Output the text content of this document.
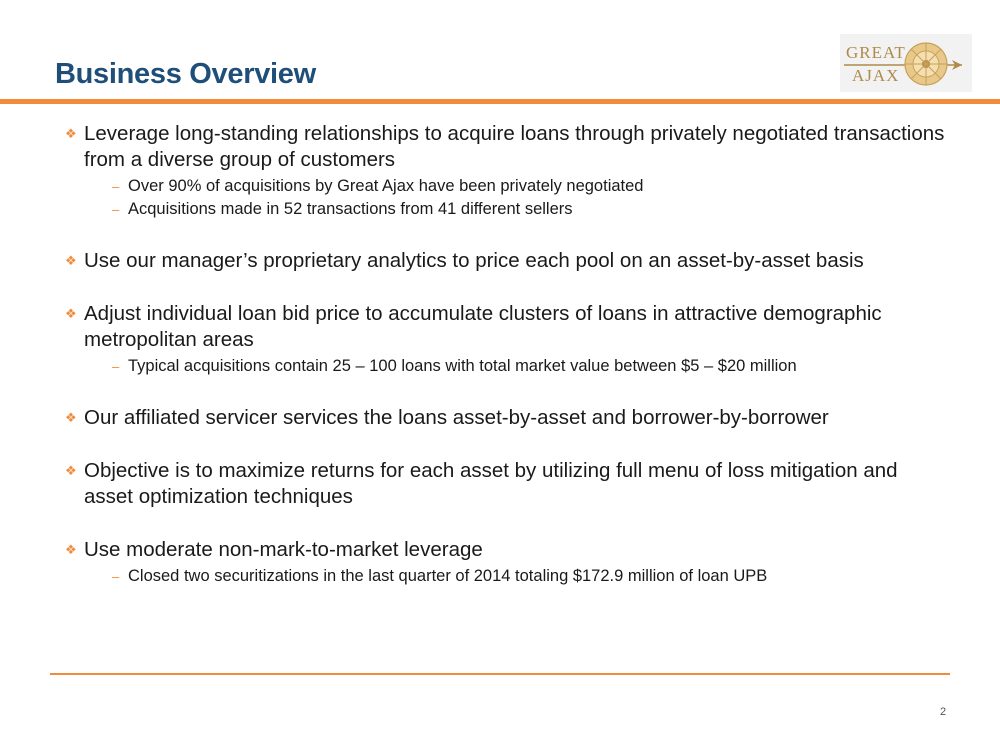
Business Overview
GREAT
AJAX
❖ Leverage long-standing relationships to acquire loans through privately negotiated transactions from a diverse group of customers
– Over 90% of acquisitions by Great Ajax have been privately negotiated
– Acquisitions made in 52 transactions from 41 different sellers
❖ Use our manager’s proprietary analytics to price each pool on an asset-by-asset basis
❖ Adjust individual loan bid price to accumulate clusters of loans in attractive demographic metropolitan areas
– Typical acquisitions contain 25 – 100 loans with total market value between $5 – $20 million
❖ Our affiliated servicer services the loans asset-by-asset and borrower-by-borrower
❖ Objective is to maximize returns for each asset by utilizing full menu of loss mitigation and asset optimization techniques
❖ Use moderate non-mark-to-market leverage
– Closed two securitizations in the last quarter of 2014 totaling $172.9 million of loan UPB
2
